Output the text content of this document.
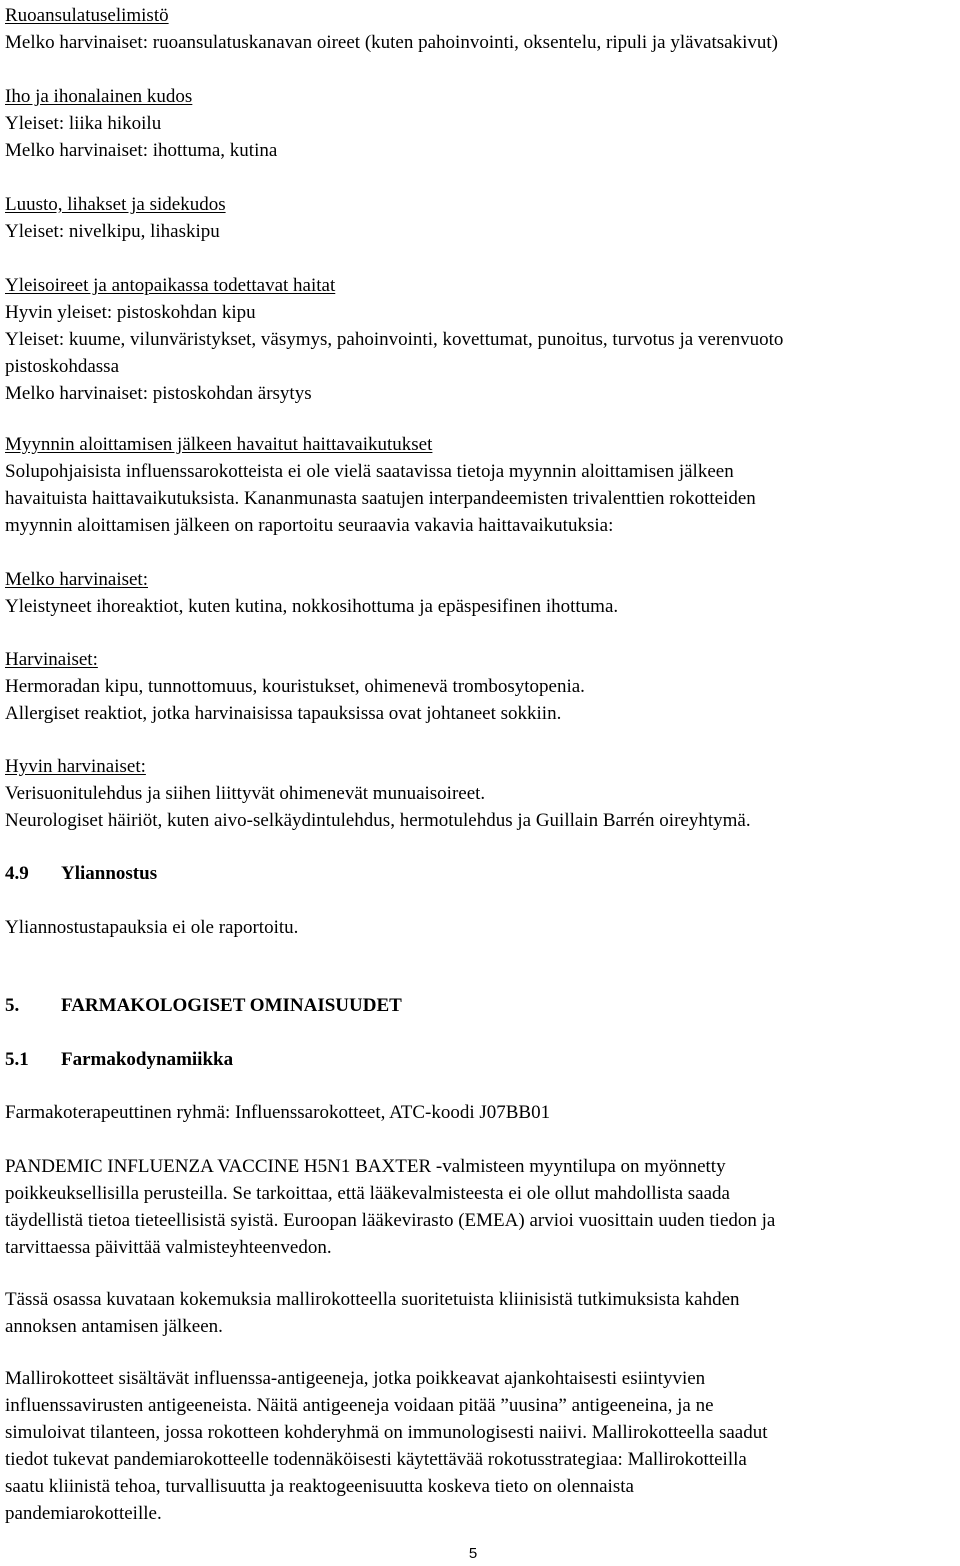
Ruoansulatuselimistö
Melko harvinaiset: ruoansulatuskanavan oireet (kuten pahoinvointi, oksentelu, ripuli ja ylävatsakivut)
Iho ja ihonalainen kudos
Yleiset: liika hikoilu
Melko harvinaiset: ihottuma, kutina
Luusto, lihakset ja sidekudos
Yleiset: nivelkipu, lihaskipu
Yleisoireet ja antopaikassa todettavat haitat
Hyvin yleiset: pistoskohdan kipu
Yleiset: kuume, vilunväristykset, väsymys, pahoinvointi, kovettumat, punoitus, turvotus ja verenvuoto
pistoskohdassa
Melko harvinaiset: pistoskohdan ärsytys
Myynnin aloittamisen jälkeen havaitut haittavaikutukset
Solupohjaisista influenssarokotteista ei ole vielä saatavissa tietoja myynnin aloittamisen jälkeen
havaituista haittavaikutuksista. Kananmunasta saatujen interpandeemisten trivalenttien rokotteiden
myynnin aloittamisen jälkeen on raportoitu seuraavia vakavia haittavaikutuksia:
Melko harvinaiset:
Yleistyneet ihoreaktiot, kuten kutina, nokkosihottuma ja epäspesifinen ihottuma.
Harvinaiset:
Hermoradan kipu, tunnottomuus, kouristukset, ohimenevä trombosytopenia.
Allergiset reaktiot, jotka harvinaisissa tapauksissa ovat johtaneet sokkiin.
Hyvin harvinaiset:
Verisuonitulehdus ja siihen liittyvät ohimenevät munuaisoireet.
Neurologiset häiriöt, kuten aivo-selkäydintulehdus, hermotulehdus ja Guillain Barrén oireyhtymä.
4.9 Yliannostus
Yliannostustapauksia ei ole raportoitu.
5. FARMAKOLOGISET OMINAISUUDET
5.1 Farmakodynamiikka
Farmakoterapeuttinen ryhmä: Influenssarokotteet, ATC-koodi J07BB01
PANDEMIC INFLUENZA VACCINE H5N1 BAXTER -valmisteen myyntilupa on myönnetty
poikkeuksellisilla perusteilla. Se tarkoittaa, että lääkevalmisteesta ei ole ollut mahdollista saada
täydellistä tietoa tieteellisistä syistä. Euroopan lääkevirasto (EMEA) arvioi vuosittain uuden tiedon ja
tarvittaessa päivittää valmisteyhteenvedon.
Tässä osassa kuvataan kokemuksia mallirokotteella suoritetuista kliinisistä tutkimuksista kahden
annoksen antamisen jälkeen.
Mallirokotteet sisältävät influenssa-antigeeneja, jotka poikkeavat ajankohtaisesti esiintyvien
influenssavirusten antigeeneista. Näitä antigeeneja voidaan pitää ”uusina” antigeeneina, ja ne
simuloivat tilanteen, jossa rokotteen kohderyhmä on immunologisesti naiivi. Mallirokotteella saadut
tiedot tukevat pandemiarokotteelle todennäköisesti käytettävää rokotusstrategiaa: Mallirokotteilla
saatu kliinistä tehoa, turvallisuutta ja reaktogeenisuutta koskeva tieto on olennaista
pandemiarokotteille.
5
